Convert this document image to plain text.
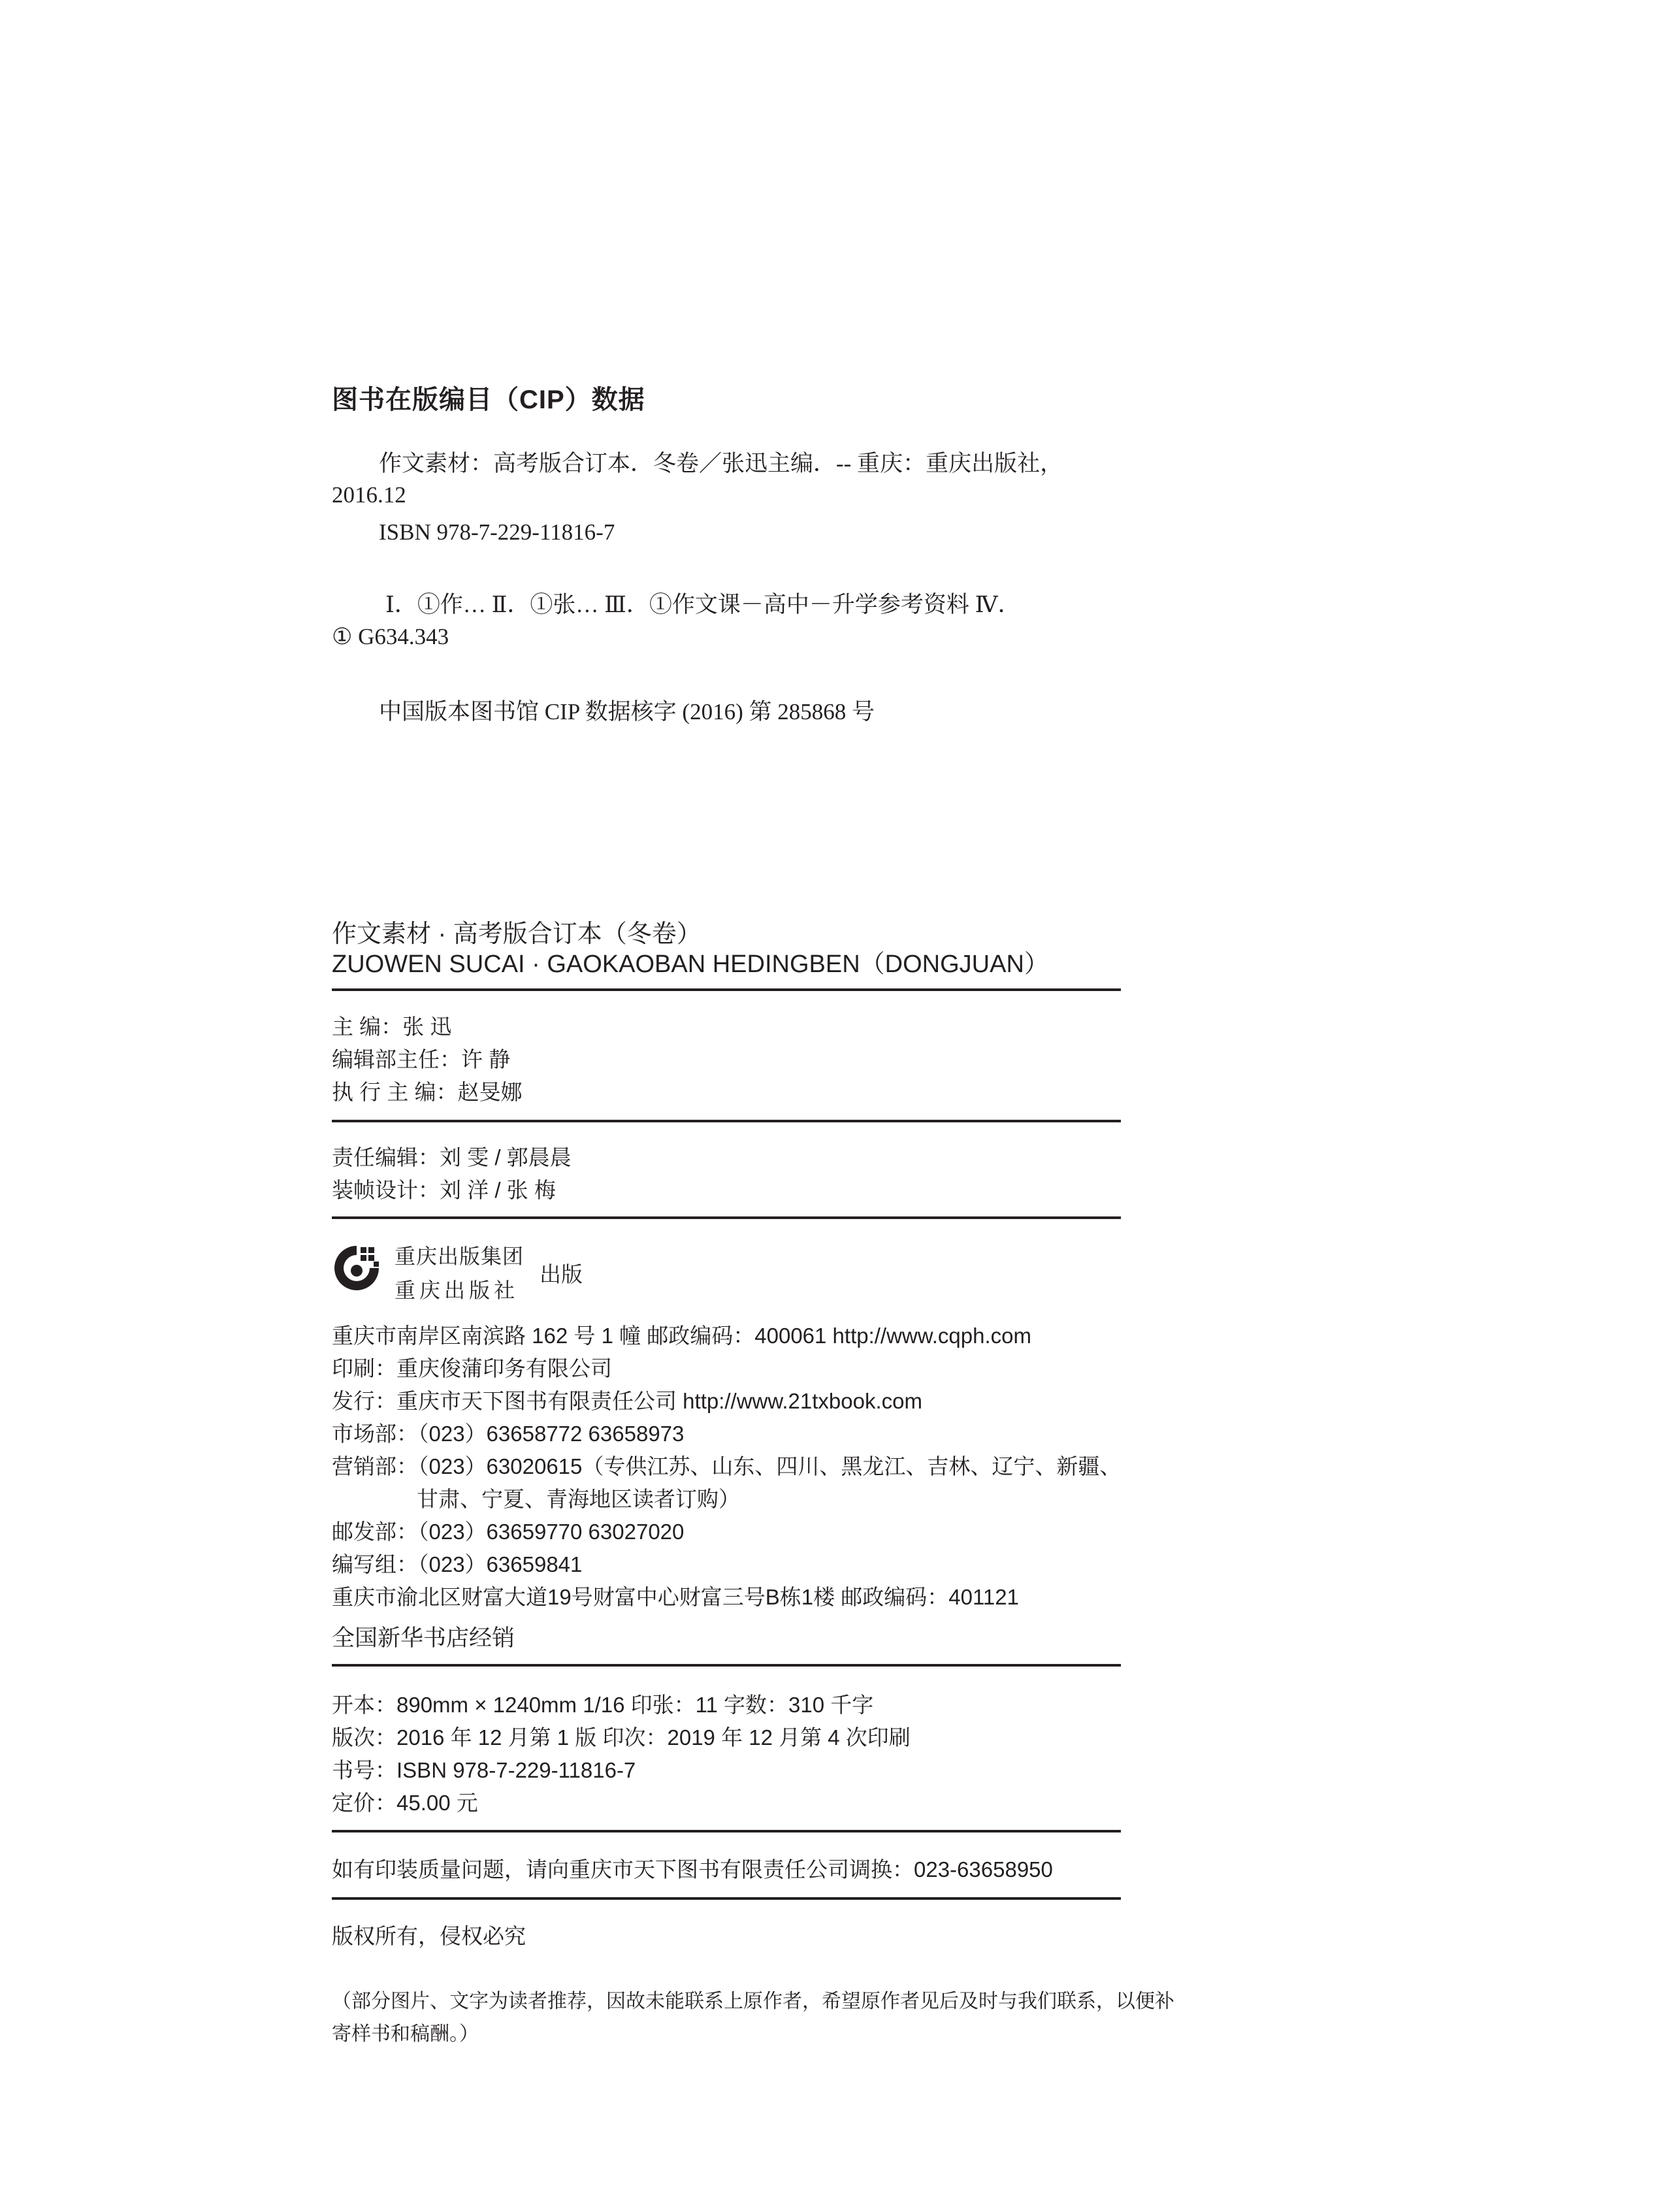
图书在版编目（CIP）数据
作文素材：高考版合订本．冬卷／张迅主编．-- 重庆：重庆出版社，
2016.12
ISBN 978-7-229-11816-7
Ⅰ．①作… Ⅱ．①张… Ⅲ．①作文课－高中－升学参考资料 Ⅳ．
① G634.343
中国版本图书馆 CIP 数据核字 (2016) 第 285868 号
作文素材 · 高考版合订本（冬卷）
ZUOWEN SUCAI · GAOKAOBAN HEDINGBEN（DONGJUAN）
主 编：张 迅
编辑部主任：许 静
执 行 主 编：赵旻娜
责任编辑：刘 雯 / 郭晨晨
装帧设计：刘 洋 / 张 梅
重庆出版集团
重庆出版社
出版
重庆市南岸区南滨路 162 号 1 幢 邮政编码：400061 http://www.cqph.com
印刷：重庆俊蒲印务有限公司
发行：重庆市天下图书有限责任公司 http://www.21txbook.com
市场部：（023）63658772 63658973
营销部：（023）63020615（专供江苏、山东、四川、黑龙江、吉林、辽宁、新疆、
甘肃、宁夏、青海地区读者订购）
邮发部：（023）63659770 63027020
编写组：（023）63659841
重庆市渝北区财富大道19号财富中心财富三号B栋1楼 邮政编码：401121
全国新华书店经销
开本：890mm × 1240mm 1/16 印张：11 字数：310 千字
版次：2016 年 12 月第 1 版 印次：2019 年 12 月第 4 次印刷
书号：ISBN 978-7-229-11816-7
定价：45.00 元
如有印装质量问题，请向重庆市天下图书有限责任公司调换：023-63658950
版权所有，侵权必究
（部分图片、文字为读者推荐，因故未能联系上原作者，希望原作者见后及时与我们联系，以便补
寄样书和稿酬。）
